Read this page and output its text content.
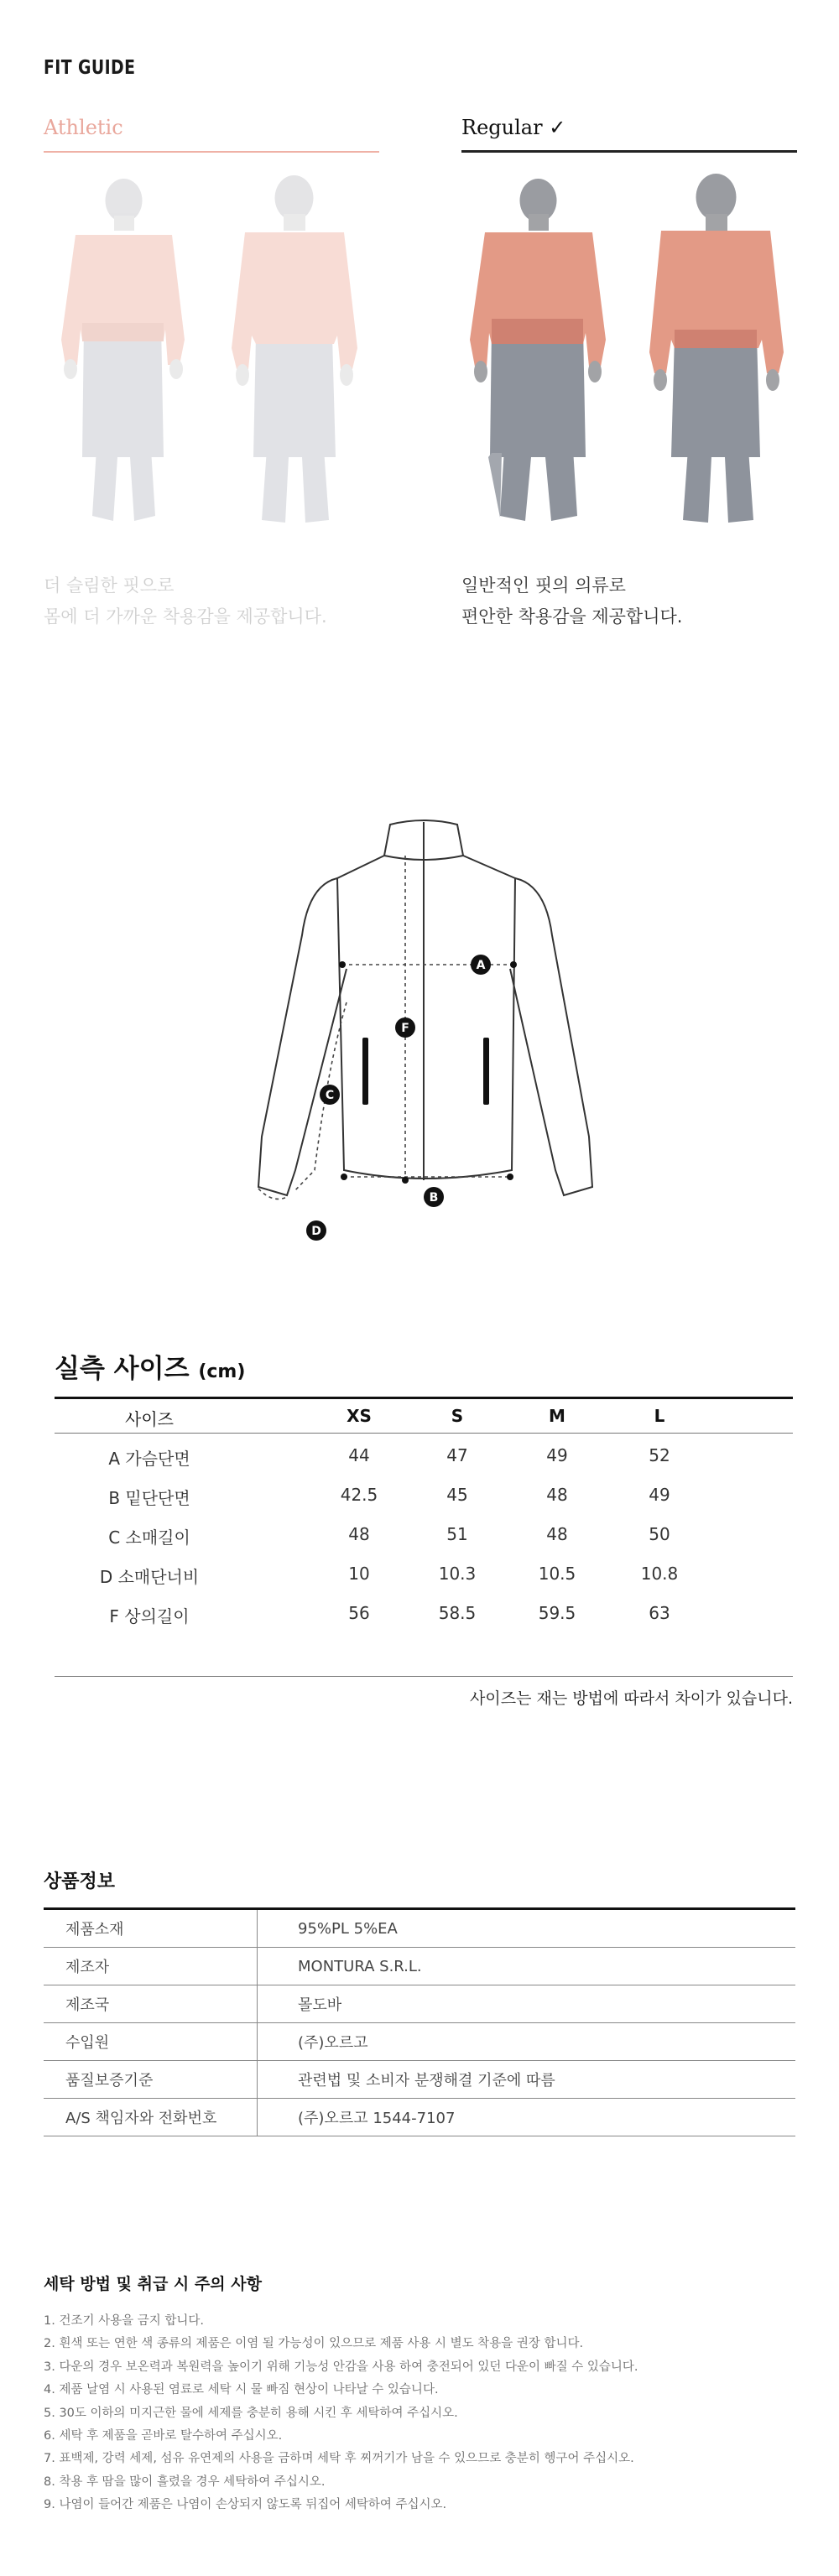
FIT GUIDE
Athletic	Regular ✓
더 슬림한 핏으로
몸에 더 가까운 착용감을 제공합니다.
일반적인 핏의 의류로
편안한 착용감을 제공합니다.
A
B
C
D
F
실측 사이즈 (cm)
사이즈	XS	S	M	L
A 가슴단면	44	47	49	52
B 밑단단면	42.5	45	48	49
C 소매길이	48	51	48	50
D 소매단너비	10	10.3	10.5	10.8
F 상의길이	56	58.5	59.5	63
사이즈는 재는 방법에 따라서 차이가 있습니다.
상품정보
제품소재	95%PL 5%EA
제조자	MONTURA S.R.L.
제조국	몰도바
수입원	(주)오르고
품질보증기준	관련법 및 소비자 분쟁해결 기준에 따름
A/S 책임자와 전화번호	(주)오르고 1544-7107
세탁 방법 및 취급 시 주의 사항
1. 건조기 사용을 금지 합니다.
2. 흰색 또는 연한 색 종류의 제품은 이염 될 가능성이 있으므로 제품 사용 시 별도 착용을 권장 합니다.
3. 다운의 경우 보온력과 복원력을 높이기 위해 기능성 안감을 사용 하여 충전되어 있던 다운이 빠질 수 있습니다.
4. 제품 날염 시 사용된 염료로 세탁 시 물 빠짐 현상이 나타날 수 있습니다.
5. 30도 이하의 미지근한 물에 세제를 충분히 용해 시킨 후 세탁하여 주십시오.
6. 세탁 후 제품을 곧바로 탈수하여 주십시오.
7. 표백제, 강력 세제, 섬유 유연제의 사용을 금하며 세탁 후 찌꺼기가 남을 수 있으므로 충분히 헹구어 주십시오.
8. 착용 후 땀을 많이 흘렸을 경우 세탁하여 주십시오.
9. 나염이 들어간 제품은 나염이 손상되지 않도록 뒤집어 세탁하여 주십시오.
